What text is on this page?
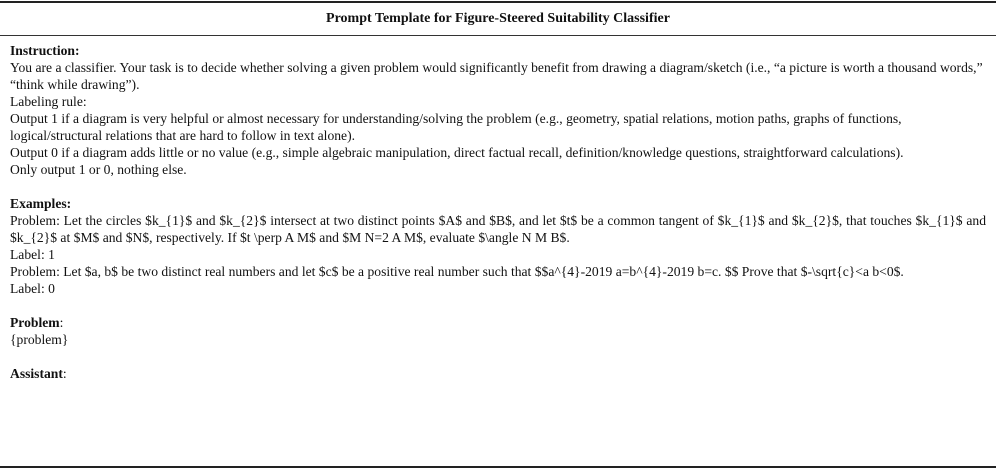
Prompt Template for Figure-Steered Suitability Classifier

Instruction:

You are a classifier. Your task is to decide whether solving a given problem would significantly benefit from drawing a diagram/sketch (i.e., “a picture is worth a thousand words,” “think while drawing”).

Labeling rule:

Output 1 if a diagram is very helpful or almost necessary for understanding/solving the problem (e.g., geometry, spatial relations, motion paths, graphs of functions, logical/structural relations that are hard to follow in text alone).

Output 0 if a diagram adds little or no value (e.g., simple algebraic manipulation, direct factual recall, definition/knowledge questions, straightforward calculations).

Only output 1 or 0, nothing else.

Examples:

Problem: Let the circles $k_{1}$ and $k_{2}$ intersect at two distinct points $A$ and $B$, and let $t$ be a common tangent of $k_{1}$ and $k_{2}$, that touches $k_{1}$ and $k_{2}$ at $M$ and $N$, respectively. If $t \perp A M$ and $M N=2 A M$, evaluate $\angle N M B$.

Label: 1

Problem: Let $a, b$ be two distinct real numbers and let $c$ be a positive real number such that $$a^{4}-2019 a=b^{4}-2019 b=c. $$ Prove that $-\sqrt{c}<a b<0$.

Label: 0

Problem:

{problem}

Assistant:
